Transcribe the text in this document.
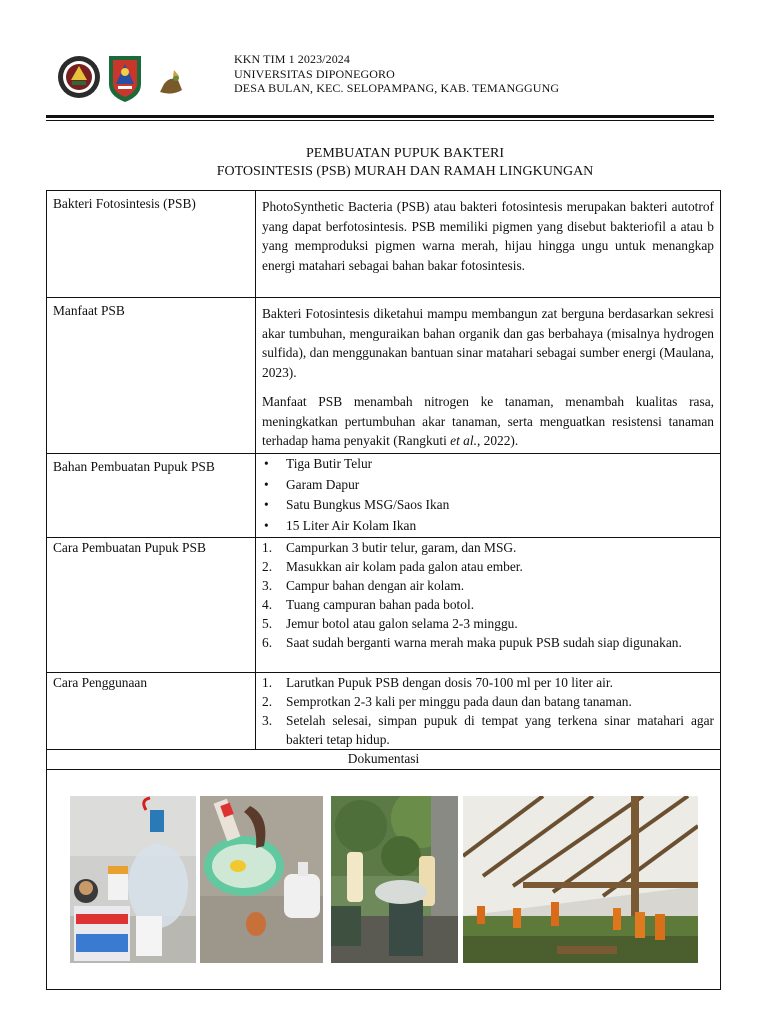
KKN TIM 1 2023/2024
UNIVERSITAS DIPONEGORO
DESA BULAN, KEC. SELOPAMPANG, KAB. TEMANGGUNG
PEMBUATAN PUPUK BAKTERI
FOTOSINTESIS (PSB) MURAH DAN RAMAH LINGKUNGAN
Bakteri Fotosintesis (PSB)	PhotoSynthetic Bacteria (PSB) atau bakteri fotosintesis merupakan bakteri autotrof yang dapat berfotosintesis. PSB memiliki pigmen yang disebut bakteriofil a atau b yang memproduksi pigmen warna merah, hijau hingga ungu untuk menangkap energi matahari sebagai bahan bakar fotosintesis.

Manfaat PSB	Bakteri Fotosintesis diketahui mampu membangun zat berguna berdasarkan sekresi akar tumbuhan, menguraikan bahan organik dan gas berbahaya (misalnya hydrogen sulfida), dan menggunakan bantuan sinar matahari sebagai sumber energi (Maulana, 2023).

Manfaat PSB menambah nitrogen ke tanaman, menambah kualitas rasa, meningkatkan pertumbuhan akar tanaman, serta menguatkan resistensi tanaman terhadap hama penyakit (Rangkuti et al., 2022).

Bahan Pembuatan Pupuk PSB
•	Tiga Butir Telur
• Garam Dapur
• Satu Bungkus MSG/Saos Ikan
• 15 Liter Air Kolam Ikan
Cara Pembuatan Pupuk PSB	1. Campurkan 3 butir telur, garam, dan MSG.
2. Masukkan air kolam pada galon atau ember.
3. Campur bahan dengan air kolam.
4. Tuang campuran bahan pada botol.
5. Jemur botol atau galon selama 2-3 minggu.
6. Saat sudah berganti warna merah maka pupuk PSB sudah siap digunakan.
Cara Penggunaan	1. Larutkan Pupuk PSB dengan dosis 70-100 ml per 10 liter air.
2. Semprotkan 2-3 kali per minggu pada daun dan batang tanaman.
3. Setelah selesai, simpan pupuk di tempat yang terkena sinar matahari agar bakteri tetap hidup.
Dokumentasi
